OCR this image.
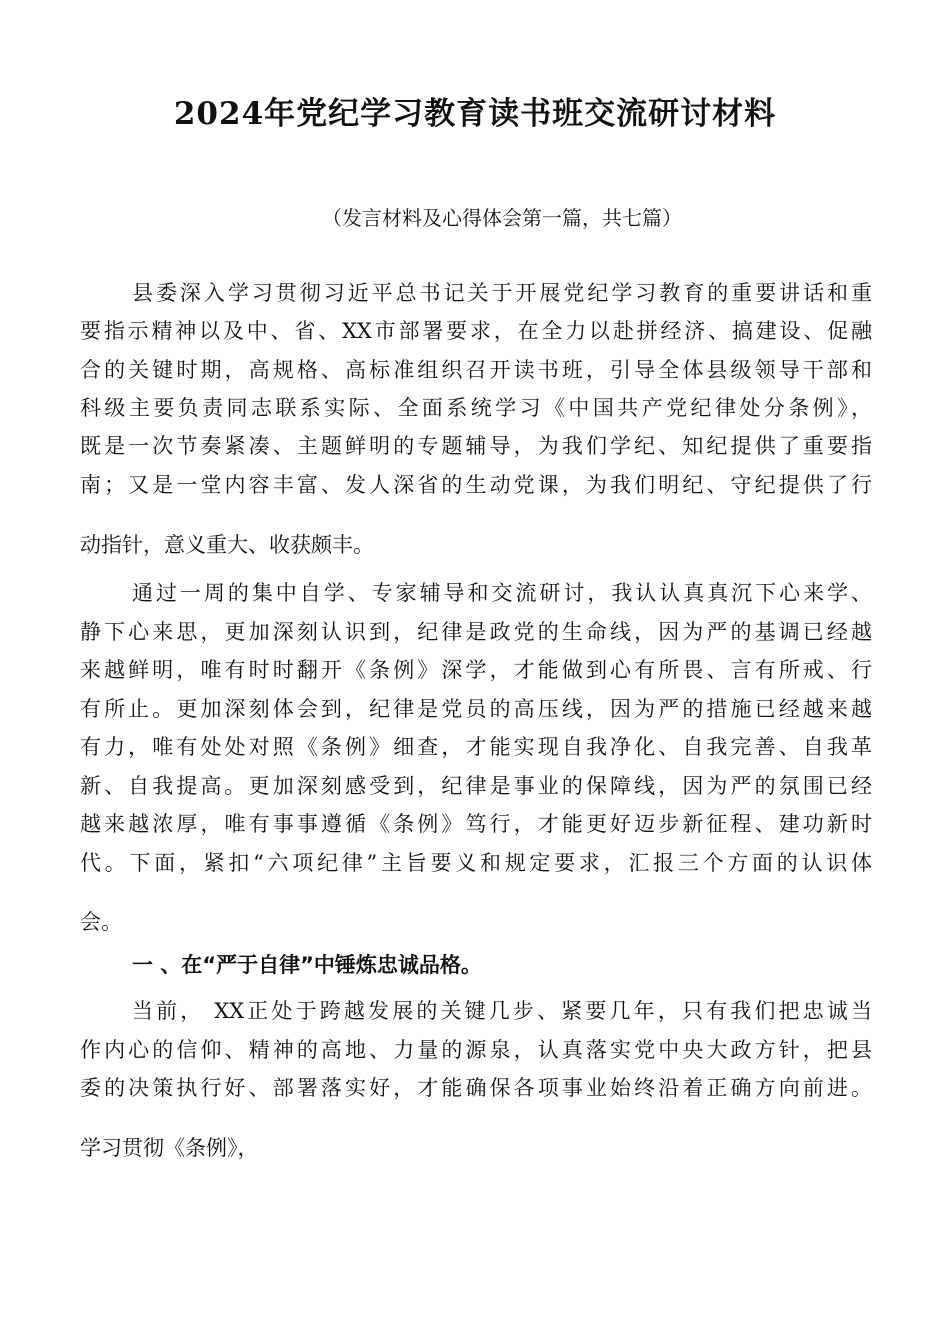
2024年党纪学习教育读书班交流研讨材料
（发言材料及心得体会第一篇，共七篇）
县委深入学习贯彻习近平总书记关于开展党纪学习教育的重要讲话和重
要指示精神以及中、省、XX市部署要求，在全力以赴拼经济、搞建设、促融
合的关键时期，高规格、高标准组织召开读书班，引导全体县级领导干部和
科级主要负责同志联系实际、全面系统学习《中国共产党纪律处分条例》，
既是一次节奏紧凑、主题鲜明的专题辅导，为我们学纪、知纪提供了重要指
南；又是一堂内容丰富、发人深省的生动党课，为我们明纪、守纪提供了行
动指针，意义重大、收获颇丰。
通过一周的集中自学、专家辅导和交流研讨，我认认真真沉下心来学、
静下心来思，更加深刻认识到，纪律是政党的生命线，因为严的基调已经越
来越鲜明，唯有时时翻开《条例》深学，才能做到心有所畏、言有所戒、行
有所止。更加深刻体会到，纪律是党员的高压线，因为严的措施已经越来越
有力，唯有处处对照《条例》细查，才能实现自我净化、自我完善、自我革
新、自我提高。更加深刻感受到，纪律是事业的保障线，因为严的氛围已经
越来越浓厚，唯有事事遵循《条例》笃行，才能更好迈步新征程、建功新时
代。下面，紧扣“六项纪律”主旨要义和规定要求，汇报三个方面的认识体
会。
一 、在“严于自律”中锤炼忠诚品格。
当前， XX正处于跨越发展的关键几步、紧要几年，只有我们把忠诚当
作内心的信仰、精神的高地、力量的源泉，认真落实党中央大政方针，把县
委的决策执行好、部署落实好，才能确保各项事业始终沿着正确方向前进。
学习贯彻《条例》，
